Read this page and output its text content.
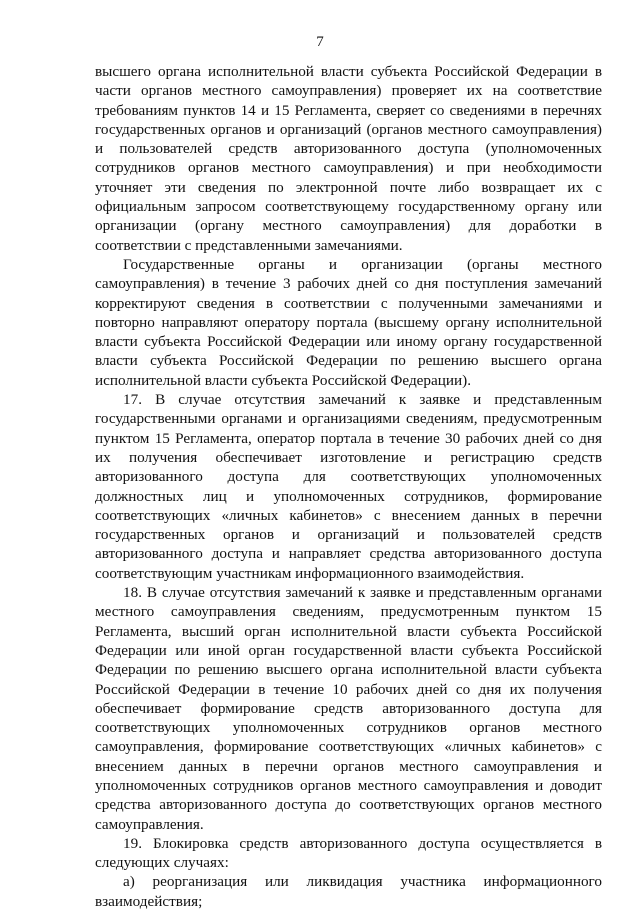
7

высшего органа исполнительной власти субъекта Российской Федерации в части органов местного самоуправления) проверяет их на соответствие требованиям пунктов 14 и 15 Регламента, сверяет со сведениями в перечнях государственных органов и организаций (органов местного самоуправления) и пользователей средств авторизованного доступа (уполномоченных сотрудников органов местного самоуправления) и при необходимости уточняет эти сведения по электронной почте либо возвращает их с официальным запросом соответствующему государственному органу или организации (органу местного самоуправления) для доработки в соответствии с представленными замечаниями.

Государственные органы и организации (органы местного самоуправления) в течение 3 рабочих дней со дня поступления замечаний корректируют сведения в соответствии с полученными замечаниями и повторно направляют оператору портала (высшему органу исполнительной власти субъекта Российской Федерации или иному органу государственной власти субъекта Российской Федерации по решению высшего органа исполнительной власти субъекта Российской Федерации).

17. В случае отсутствия замечаний к заявке и представленным государственными органами и организациями сведениям, предусмотренным пунктом 15 Регламента, оператор портала в течение 30 рабочих дней со дня их получения обеспечивает изготовление и регистрацию средств авторизованного доступа для соответствующих уполномоченных должностных лиц и уполномоченных сотрудников, формирование соответствующих «личных кабинетов» с внесением данных в перечни государственных органов и организаций и пользователей средств авторизованного доступа и направляет средства авторизованного доступа соответствующим участникам информационного взаимодействия.

18. В случае отсутствия замечаний к заявке и представленным органами местного самоуправления сведениям, предусмотренным пунктом 15 Регламента, высший орган исполнительной власти субъекта Российской Федерации или иной орган государственной власти субъекта Российской Федерации по решению высшего органа исполнительной власти субъекта Российской Федерации в течение 10 рабочих дней со дня их получения обеспечивает формирование средств авторизованного доступа для соответствующих уполномоченных сотрудников органов местного самоуправления, формирование соответствующих «личных кабинетов» с внесением данных в перечни органов местного самоуправления и уполномоченных сотрудников органов местного самоуправления и доводит средства авторизованного доступа до соответствующих органов местного самоуправления.

19. Блокировка средств авторизованного доступа осуществляется в следующих случаях:

а) реорганизация или ликвидация участника информационного взаимодействия;
